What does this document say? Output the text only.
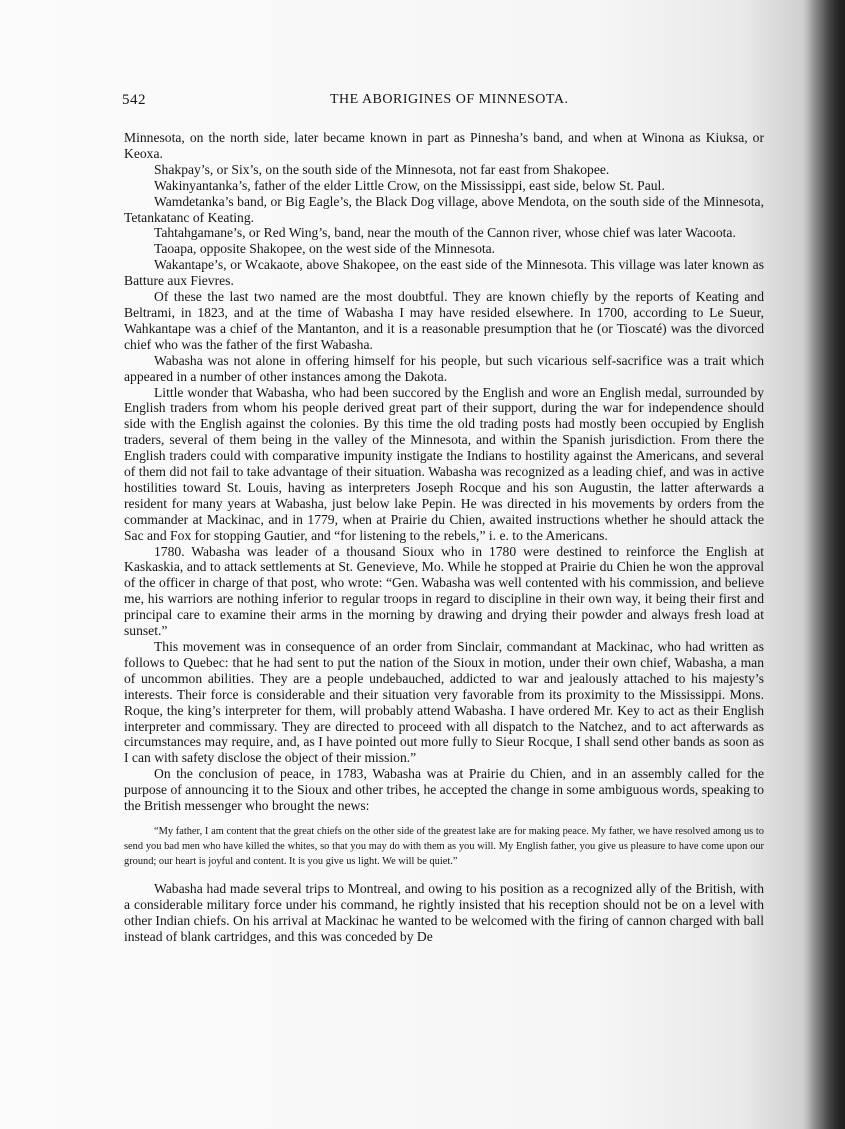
542	THE ABORIGINES OF MINNESOTA.

Minnesota, on the north side, later became known in part as Pinnesha’s band, and when at Winona as Kiuksa, or Keoxa.

Shakpay’s, or Six’s, on the south side of the Minnesota, not far east from Shakopee.

Wakinyantanka’s, father of the elder Little Crow, on the Mississippi, east side, below St. Paul.

Wamdetanka’s band, or Big Eagle’s, the Black Dog village, above Mendota, on the south side of the Minnesota, Tetankatanc of Keating.

Tahtahgamane’s, or Red Wing’s, band, near the mouth of the Cannon river, whose chief was later Wacoota.

Taoapa, opposite Shakopee, on the west side of the Minnesota.

Wakantape’s, or Wcakaote, above Shakopee, on the east side of the Minnesota. This village was later known as Batture aux Fievres.

Of these the last two named are the most doubtful. They are known chiefly by the reports of Keating and Beltrami, in 1823, and at the time of Wabasha I may have resided elsewhere. In 1700, according to Le Sueur, Wahkantape was a chief of the Mantanton, and it is a reasonable presumption that he (or Tioscaté) was the divorced chief who was the father of the first Wabasha.

Wabasha was not alone in offering himself for his people, but such vicarious self-sacrifice was a trait which appeared in a number of other instances among the Dakota.

Little wonder that Wabasha, who had been succored by the English and wore an English medal, surrounded by English traders from whom his people derived great part of their support, during the war for independence should side with the English against the colonies. By this time the old trading posts had mostly been occupied by English traders, several of them being in the valley of the Minnesota, and within the Spanish jurisdiction. From there the English traders could with comparative impunity instigate the Indians to hostility against the Americans, and several of them did not fail to take advantage of their situation. Wabasha was recognized as a leading chief, and was in active hostilities toward St. Louis, having as interpreters Joseph Rocque and his son Augustin, the latter afterwards a resident for many years at Wabasha, just below lake Pepin. He was directed in his movements by orders from the commander at Mackinac, and in 1779, when at Prairie du Chien, awaited instructions whether he should attack the Sac and Fox for stopping Gautier, and “for listening to the rebels,” i. e. to the Americans.

1780. Wabasha was leader of a thousand Sioux who in 1780 were destined to reinforce the English at Kaskaskia, and to attack settlements at St. Genevieve, Mo. While he stopped at Prairie du Chien he won the approval of the officer in charge of that post, who wrote: “Gen. Wabasha was well contented with his commission, and believe me, his warriors are nothing inferior to regular troops in regard to discipline in their own way, it being their first and principal care to examine their arms in the morning by drawing and drying their powder and always fresh load at sunset.”

This movement was in consequence of an order from Sinclair, commandant at Mackinac, who had written as follows to Quebec: that he had sent to put the nation of the Sioux in motion, under their own chief, Wabasha, a man of uncommon abilities. They are a people undebauched, addicted to war and jealously attached to his majesty’s interests. Their force is considerable and their situation very favorable from its proximity to the Mississippi. Mons. Roque, the king’s interpreter for them, will probably attend Wabasha. I have ordered Mr. Key to act as their English interpreter and commissary. They are directed to proceed with all dispatch to the Natchez, and to act afterwards as circumstances may require, and, as I have pointed out more fully to Sieur Rocque, I shall send other bands as soon as I can with safety disclose the object of their mission.”

On the conclusion of peace, in 1783, Wabasha was at Prairie du Chien, and in an assembly called for the purpose of announcing it to the Sioux and other tribes, he accepted the change in some ambiguous words, speaking to the British messenger who brought the news:

“My father, I am content that the great chiefs on the other side of the greatest lake are for making peace. My father, we have resolved among us to send you bad men who have killed the whites, so that you may do with them as you will. My English father, you give us pleasure to have come upon our ground; our heart is joyful and content. It is you give us light. We will be quiet.”

Wabasha had made several trips to Montreal, and owing to his position as a recognized ally of the British, with a considerable military force under his command, he rightly insisted that his reception should not be on a level with other Indian chiefs. On his arrival at Mackinac he wanted to be welcomed with the firing of cannon charged with ball instead of blank cartridges, and this was conceded by De
